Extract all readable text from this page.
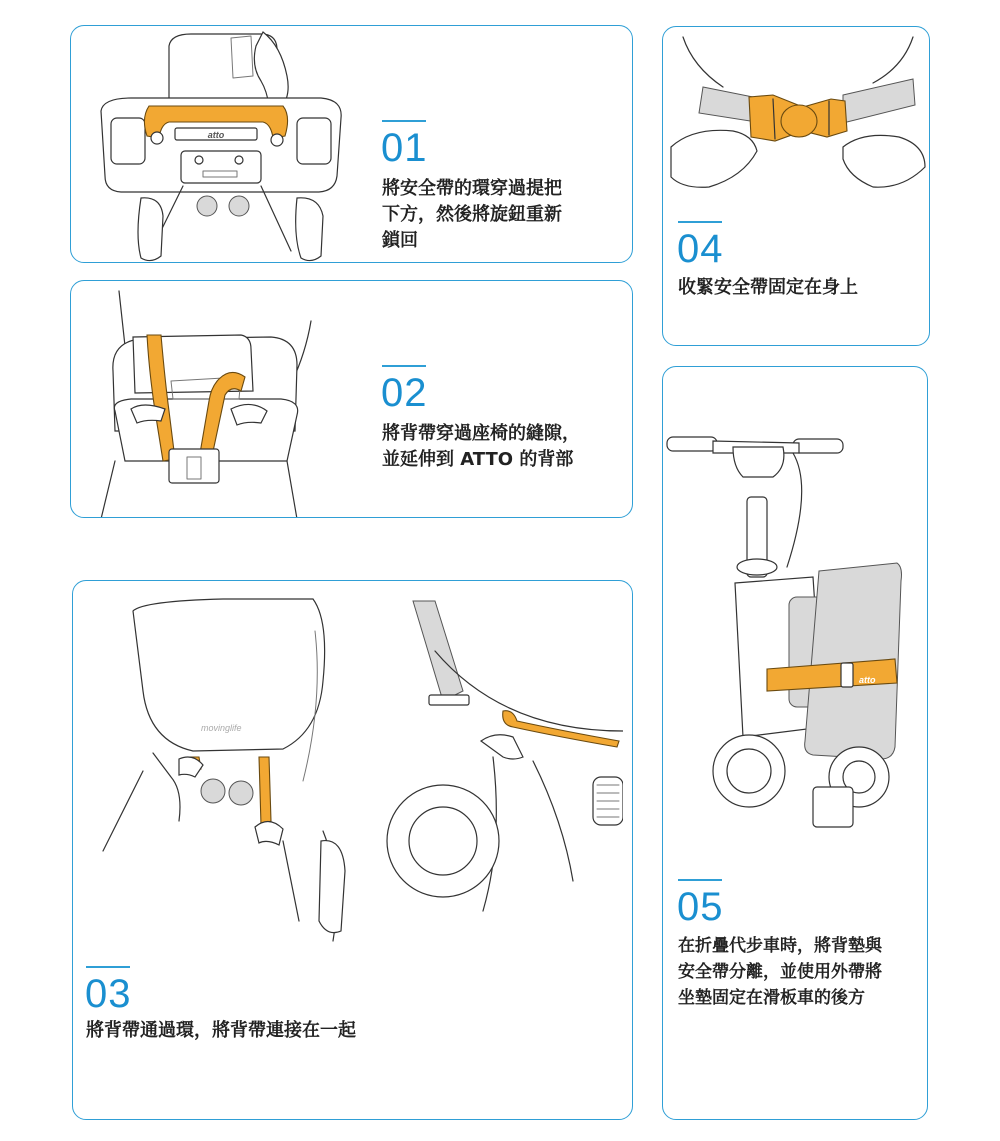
atto	01
將安全帶的環穿過提把
下方，然後將旋鈕重新
鎖回
02
將背帶穿過座椅的縫隙，
並延伸到 ATTO 的背部
movinglife
03
將背帶通過環，將背帶連接在一起
04
收緊安全帶固定在身上
atto
05
在折疊代步車時，將背墊與
安全帶分離，並使用外帶將
坐墊固定在滑板車的後方
